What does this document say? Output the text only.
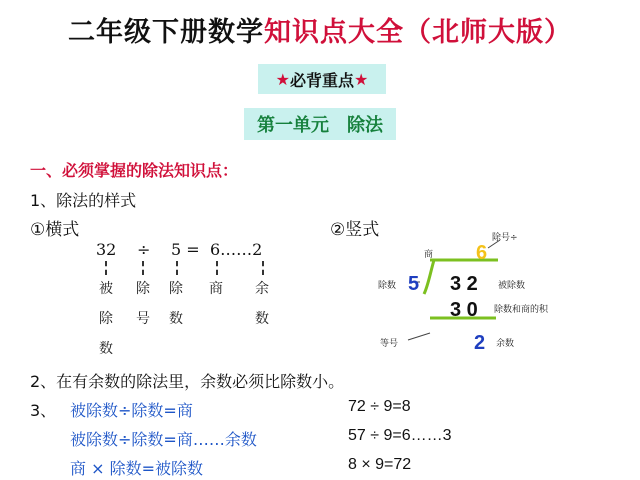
二年级下册数学知识点大全（北师大版）
★ 必背重点 ★
第一单元　除法
一、必须掌握的除法知识点：
1、除法的样式
①横式
32 ÷ 5 = 6……2
被
除
数
除
号
除
数
商 余
数
②竖式
6
5 3 2
3 0
2
除号÷
商
除数	被除数
除数和商的积
等号	余数
2、在有余数的除法里，余数必须比除数小。
3、 被除数÷除数=商	72 ÷ 9=8
被除数÷除数=商……余数	57 ÷ 9=6……3
商 × 除数=被除数	8 × 9=72
